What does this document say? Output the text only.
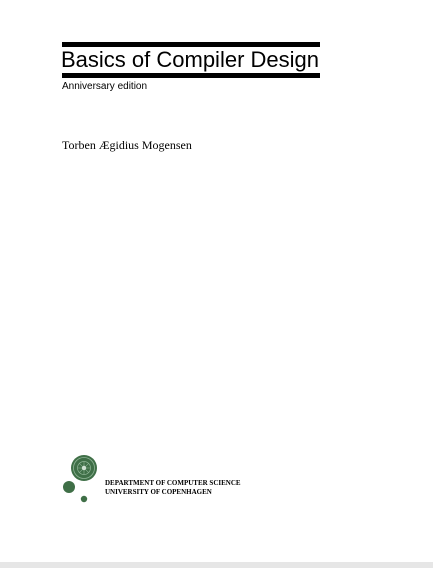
Basics of Compiler Design
Anniversary edition
Torben Ægidius Mogensen
DEPARTMENT OF COMPUTER SCIENCE
UNIVERSITY OF COPENHAGEN
